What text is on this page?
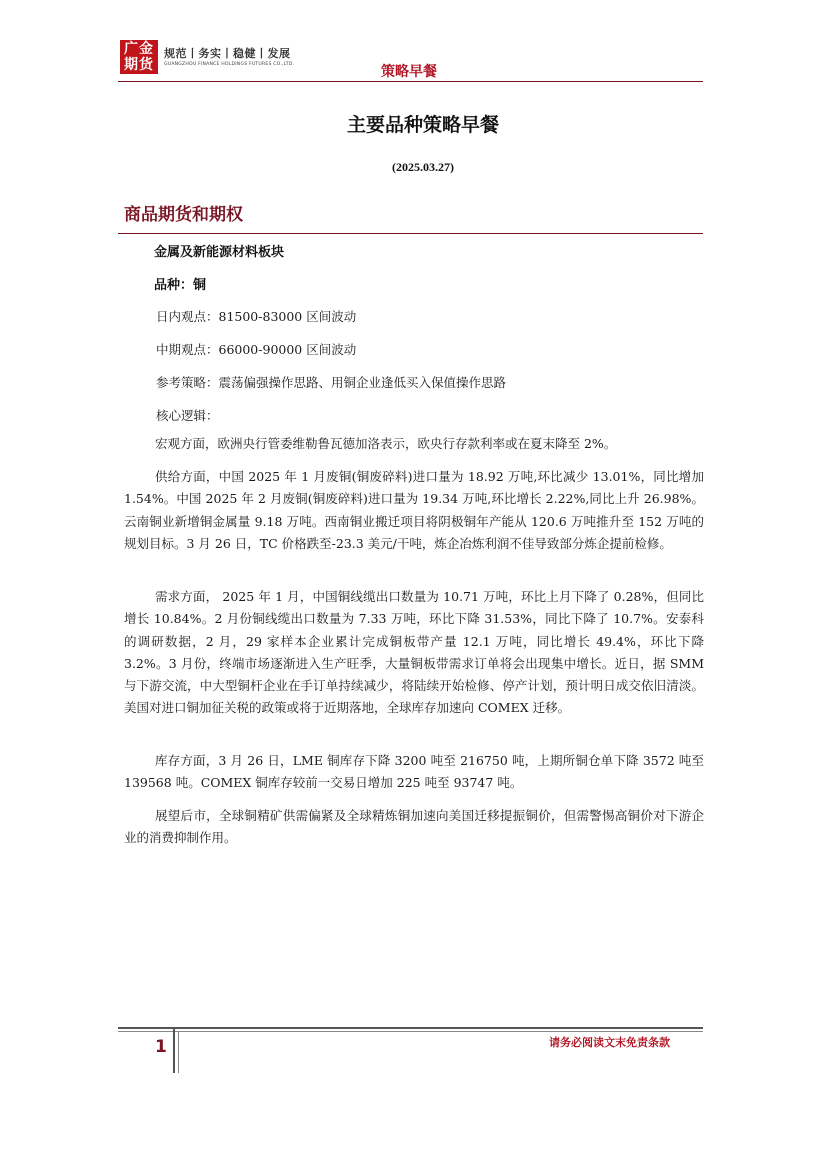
广金
期货
规范丨务实丨稳健丨发展
GUANGZHOU FINANCE HOLDINGS FUTURES CO.,LTD.	策略早餐
主要品种策略早餐
(2025.03.27)
商品期货和期权
金属及新能源材料板块
品种：铜
日内观点：81500-83000 区间波动
中期观点：66000-90000 区间波动
参考策略：震荡偏强操作思路、用铜企业逢低买入保值操作思路
核心逻辑：

宏观方面，欧洲央行管委维勒鲁瓦德加洛表示，欧央行存款利率或在夏末降至 2%。

供给方面，中国 2025 年 1 月废铜(铜废碎料)进口量为 18.92 万吨,环比减少 13.01%，同比增加 1.54%。中国 2025 年 2 月废铜(铜废碎料)进口量为 19.34 万吨,环比增长 2.22%,同比上升 26.98%。云南铜业新增铜金属量 9.18 万吨。西南铜业搬迁项目将阴极铜年产能从 120.6 万吨推升至 152 万吨的规划目标。3 月 26 日，TC 价格跌至-23.3 美元/干吨，炼企冶炼利润不佳导致部分炼企提前检修。

需求方面， 2025 年 1 月，中国铜线缆出口数量为 10.71 万吨，环比上月下降了 0.28%，但同比增长 10.84%。2 月份铜线缆出口数量为 7.33 万吨，环比下降 31.53%，同比下降了 10.7%。安泰科的调研数据，2 月，29 家样本企业累计完成铜板带产量 12.1 万吨，同比增长 49.4%，环比下降 3.2%。3 月份，终端市场逐渐进入生产旺季，大量铜板带需求订单将会出现集中增长。近日，据 SMM 与下游交流，中大型铜杆企业在手订单持续减少，将陆续开始检修、停产计划，预计明日成交依旧清淡。美国对进口铜加征关税的政策或将于近期落地，全球库存加速向 COMEX 迁移。

库存方面，3 月 26 日，LME 铜库存下降 3200 吨至 216750 吨，上期所铜仓单下降 3572 吨至 139568 吨。COMEX 铜库存较前一交易日增加 225 吨至 93747 吨。

展望后市，全球铜精矿供需偏紧及全球精炼铜加速向美国迁移提振铜价，但需警惕高铜价对下游企业的消费抑制作用。

1	请务必阅读文末免责条款
